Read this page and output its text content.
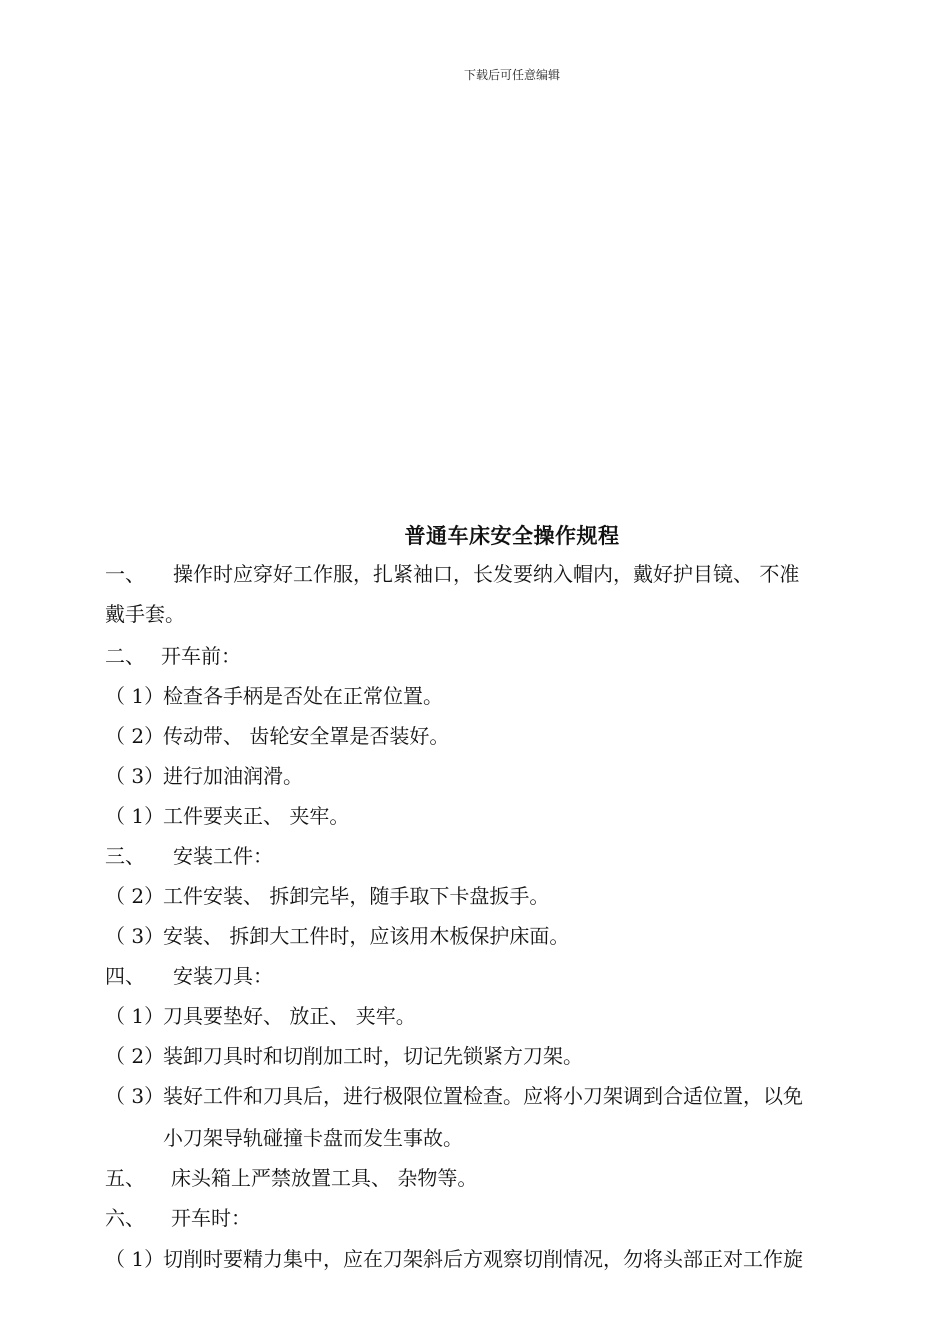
下载后可任意编辑
普通车床安全操作规程
一、 操作时应穿好工作服，扎紧袖口，长发要纳入帽内，戴好护目镜、 不准
戴手套。
二、 开车前：
（ 1）检查各手柄是否处在正常位置。
（ 2）传动带、 齿轮安全罩是否装好。
（ 3）进行加油润滑。
（ 1）工件要夹正、 夹牢。
三、 安装工件：
（ 2）工件安装、 拆卸完毕，随手取下卡盘扳手。
（ 3）安装、 拆卸大工件时，应该用木板保护床面。
四、 安装刀具：
（ 1）刀具要垫好、 放正、 夹牢。
（ 2）装卸刀具时和切削加工时，切记先锁紧方刀架。
（ 3）装好工件和刀具后，进行极限位置检查。应将小刀架调到合适位置，以免
小刀架导轨碰撞卡盘而发生事故。
五、 床头箱上严禁放置工具、 杂物等。
六、 开车时：
（ 1）切削时要精力集中，应在刀架斜后方观察切削情况，勿将头部正对工作旋
